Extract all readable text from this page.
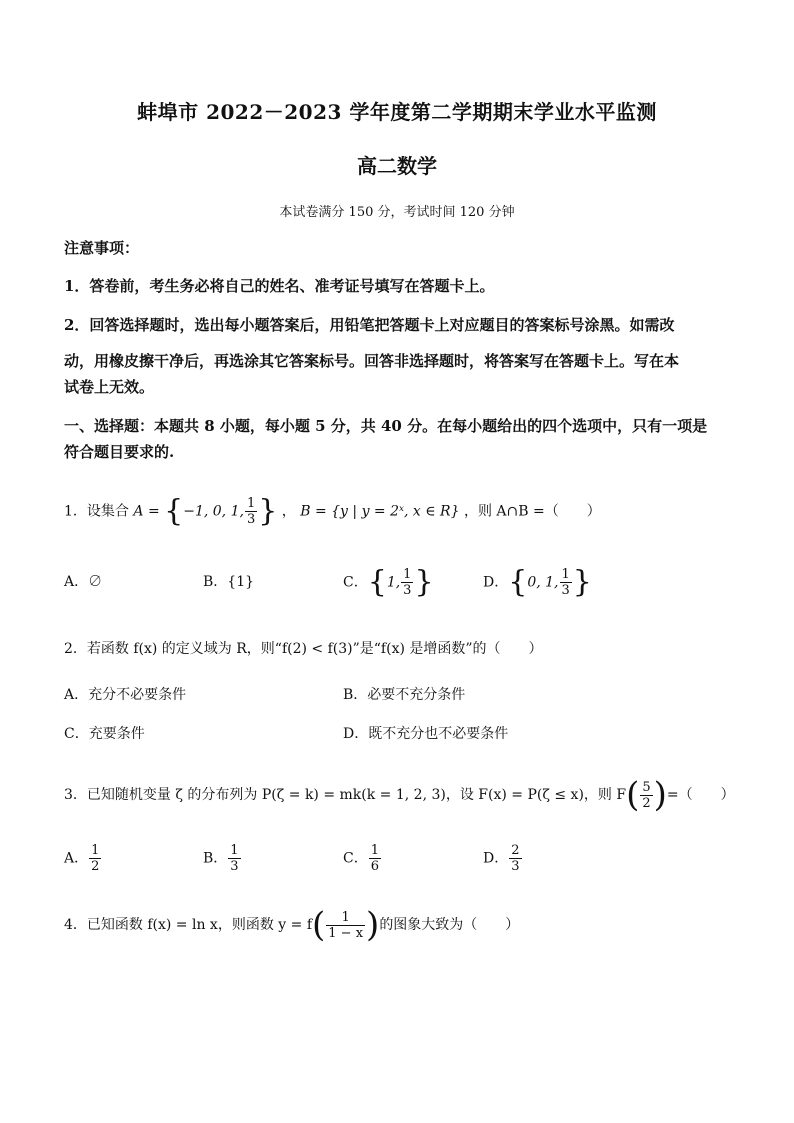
蚌埠市 2022－2023 学年度第二学期期末学业水平监测
高二数学
本试卷满分 150 分，考试时间 120 分钟
注意事项：
1．答卷前，考生务必将自己的姓名、准考证号填写在答题卡上。
2．回答选择题时，选出每小题答案后，用铅笔把答题卡上对应题目的答案标号涂黑。如需改
动，用橡皮擦干净后，再选涂其它答案标号。回答非选择题时，将答案写在答题卡上。写在本
试卷上无效。
一、选择题：本题共 8 小题，每小题 5 分，共 40 分。在每小题给出的四个选项中，只有一项是
符合题目要求的.
1．设集合 A = {−1, 0, 1, $\frac{1}{3}$ } ， B = {y | y = 2ˣ, x ∈ R} ，则 A∩B =（　　）
A．∅	B．{1}	C．{1, $\frac{1}{3}$ }	D．{0, 1, $\frac{1}{3}$ }
2．若函数 f(x) 的定义域为 R，则“f(2) < f(3)”是“f(x) 是增函数”的（　　）
A．充分不必要条件	B．必要不充分条件
C．充要条件	D．既不充分也不必要条件
3．已知随机变量 ζ 的分布列为 P(ζ = k) = mk(k = 1, 2, 3)，设 F(x) = P(ζ ≤ x)，则 $F( \frac{5}{2}$ )=（　　）
A． $\frac{1}{2}$	B． $\frac{1}{3}$	C． $\frac{1}{6}$	D． $\frac{2}{3}$
4．已知函数 f(x) = ln x，则函数 $y = f( \frac{1}{1 - x}$ )的图象大致为（　　）
